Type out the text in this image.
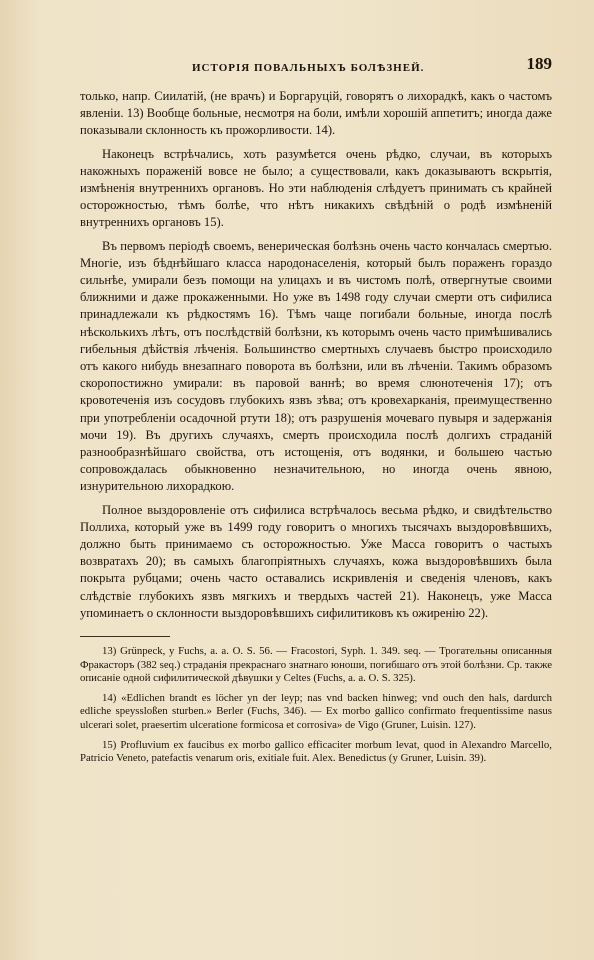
ИСТОРІЯ ПОВАЛЬНЫХЪ БОЛѢЗНЕЙ.	189

только, напр. Сиилатій, (не врачъ) и Боргаруцій, говорятъ о лихорадкѣ, какъ о частомъ явленіи. 13) Вообще больные, несмотря на боли, имѣли хорошій аппетитъ; иногда даже показывали склонность къ прожорливости. 14).

Наконецъ встрѣчались, хоть разумѣется очень рѣдко, случаи, въ которыхъ накожныхъ пораженій вовсе не было; а существовали, какъ доказываютъ вскрытія, измѣненія внутреннихъ органовъ. Но эти наблюденія слѣдуетъ принимать съ крайней осторожностью, тѣмъ болѣе, что нѣтъ никакихъ свѣдѣній о родѣ измѣненій внутреннихъ органовъ 15).

Въ первомъ періодѣ своемъ, венерическая болѣзнь очень часто кончалась смертью. Многіе, изъ бѣднѣйшаго класса народонаселенія, который былъ пораженъ гораздо сильнѣе, умирали безъ помощи на улицахъ и въ чистомъ полѣ, отвергнутые своими ближними и даже прокаженными. Но уже въ 1498 году случаи смерти отъ сифилиса принадлежали къ рѣдкостямъ 16). Тѣмъ чаще погибали больные, иногда послѣ нѣсколькихъ лѣтъ, отъ послѣдствій болѣзни, къ которымъ очень часто примѣшивались гибельныя дѣйствія лѣченія. Большинство смертныхъ случаевъ быстро происходило отъ какого нибудь внезапнаго поворота въ болѣзни, или въ лѣченіи. Такимъ образомъ скоропостижно умирали: въ паровой ваннѣ; во время слюнотеченія 17); отъ кровотеченія изъ сосудовъ глубокихъ язвъ зѣва; отъ кровехарканія, преимущественно при употребленіи осадочной ртути 18); отъ разрушенія мочеваго пувыря и задержанія мочи 19). Въ другихъ случаяхъ, смерть происходила послѣ долгихъ страданій разнообразнѣйшаго свойства, отъ истощенія, отъ водянки, и большею частью сопровождалась обыкновенно незначительною, но иногда очень явною, изнурительною лихорадкою.

Полное выздоровленіе отъ сифилиса встрѣчалось весьма рѣдко, и свидѣтельство Поллиха, который уже въ 1499 году говоритъ о многихъ тысячахъ выздоровѣвшихъ, должно быть принимаемо съ осторожностью. Уже Масса говоритъ о частыхъ возвратахъ 20); въ самыхъ благопріятныхъ случаяхъ, кожа выздоровѣвшихъ была покрыта рубцами; очень часто оставались искривленія и сведенія членовъ, какъ слѣдствіе глубокихъ язвъ мягкихъ и твердыхъ частей 21). Наконецъ, уже Масса упоминаетъ о склонности выздоровѣвшихъ сифилитиковъ къ ожиренію 22).

13) Grünpeck, у Fuchs, a. a. O. S. 56. — Fracostori, Syph. 1. 349. seq. — Трогательны описанныя Фракасторъ (382 seq.) страданія прекраснаго знатнаго юноши, погибшаго отъ этой болѣзни. Ср. также описаніе одной сифилитической дѣвушки у Celtes (Fuchs, a. a. O. S. 325).

14) «Edlichen brandt es löcher yn der leyp; nas vnd backen hinweg; vnd ouch den hals, dardurch edliche speyssloßen sturben.» Berler (Fuchs, 346). — Ex morbo gallico confirmato frequentissime nasus ulcerari solet, praesertim ulceratione formicosa et corrosiva» de Vigo (Gruner, Luisin. 127).

15) Profluvium ex faucibus ex morbo gallico efficaciter morbum levat, quod in Alexandro Marcello, Patricio Veneto, patefactis venarum oris, exitiale fuit. Alex. Benedictus (у Gruner, Luisin. 39).
